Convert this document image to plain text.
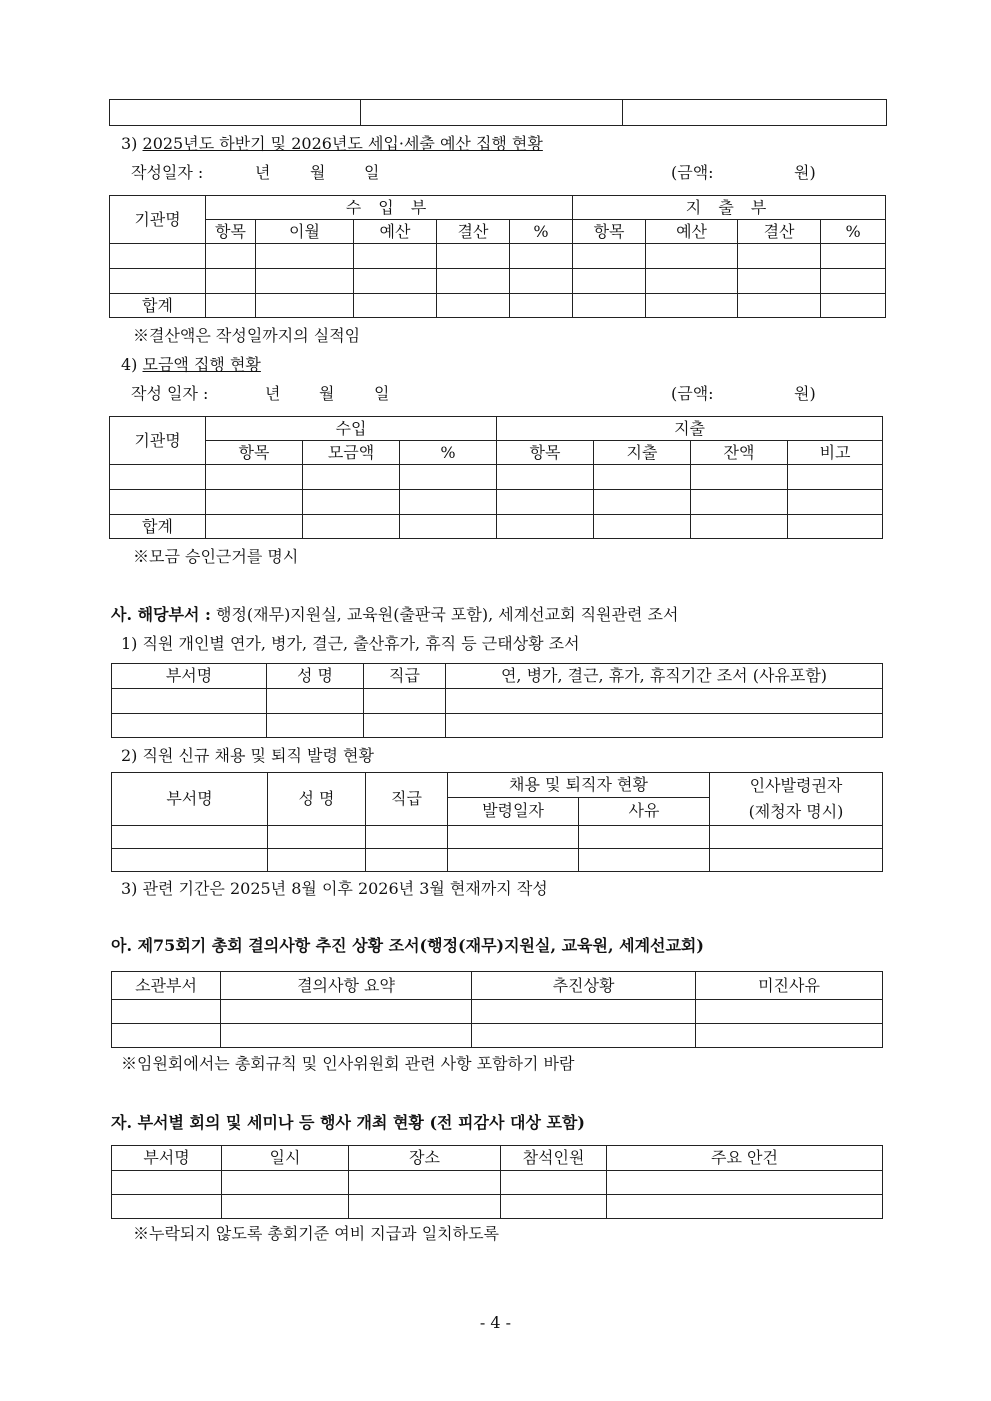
3) 2025년도 하반기 및 2026년도 세입·세출 예산 집행 현황
작성일자 :	년 월 일	(금액:	원)
기관명	수 입 부					지 출 부			
	항목	이월	예산	결산	%	항목	예산	결산	%

합계									
※결산액은 작성일까지의 실적임
4) 모금액 집행 현황
작성 일자 :	년 월 일	(금액:	원)
기관명	수입			지출			
	항목	모금액	%	항목	지출	잔액	비고

합계							
※모금 승인근거를 명시
사. 해당부서 : 행정(재무)지원실, 교육원(출판국 포함), 세계선교회 직원관련 조서
1) 직원 개인별 연가, 병가, 결근, 출산휴가, 휴직 등 근태상황 조서
부서명	성 명	직급	연, 병가, 결근, 휴가, 휴직기간 조서 (사유포함)

2) 직원 신규 채용 및 퇴직 발령 현황
부서명	성 명	직급	채용 및 퇴직자 현황		인사발령권자
(제청자 명시)

			발령일자	사유	

3) 관련 기간은 2025년 8월 이후 2026년 3월 현재까지 작성
아. 제75회기 총회 결의사항 추진 상황 조서(행정(재무)지원실, 교육원, 세계선교회)
소관부서	결의사항 요약	추진상황	미진사유

※임원회에서는 총회규칙 및 인사위원회 관련 사항 포함하기 바람
자. 부서별 회의 및 세미나 등 행사 개최 현황 (전 피감사 대상 포함)
부서명	일시	장소	참석인원	주요 안건

※누락되지 않도록 총회기준 여비 지급과 일치하도록
- 4 -
